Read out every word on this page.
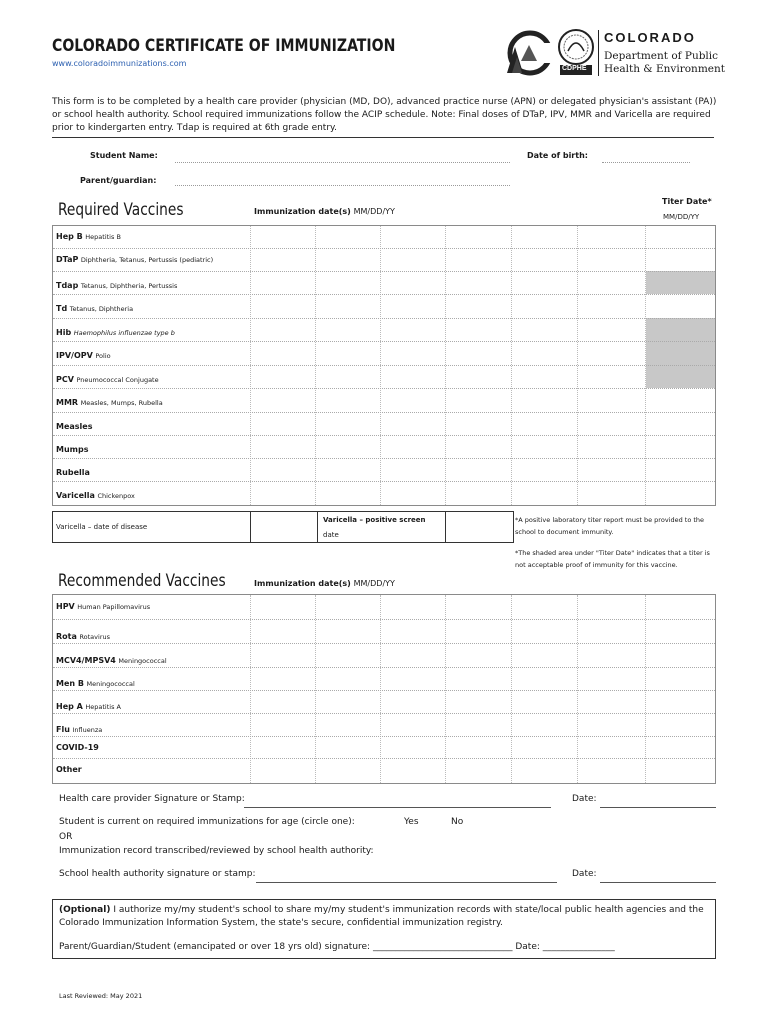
COLORADO CERTIFICATE OF IMMUNIZATION
www.coloradoimmunizations.com
CDPHE
COLORADO
Department of Public
Health & Environment
This form is to be completed by a health care provider (physician (MD, DO), advanced practice nurse (APN) or delegated physician's assistant (PA)) or school health authority. School required immunizations follow the ACIP schedule. Note: Final doses of DTaP, IPV, MMR and Varicella are required prior to kindergarten entry. Tdap is required at 6th grade entry.
Student Name:	Date of birth:
Parent/guardian:
Required Vaccines	Immunization date(s) MM/DD/YY
Titer Date*
MM/DD/YY
Hep B Hepatitis B
DTaP Diphtheria, Tetanus, Pertussis (pediatric)
Tdap Tetanus, Diphtheria, Pertussis
Td Tetanus, Diphtheria
Hib Haemophilus influenzae type b
IPV/OPV Polio
PCV Pneumococcal Conjugate
MMR Measles, Mumps, Rubella
Measles
Mumps
Rubella
Varicella Chickenpox
Varicella – date of disease
Varicella – positive screen
date
*A positive laboratory titer report must be provided to the school to document immunity.
*The shaded area under "Titer Date" indicates that a titer is not acceptable proof of immunity for this vaccine.
Recommended Vaccines	Immunization date(s) MM/DD/YY
HPV Human Papillomavirus
Rota Rotavirus
MCV4/MPSV4 Meningococcal
Men B Meningococcal
Hep A Hepatitis A
Flu Influenza
COVID-19
Other
Health care provider Signature or Stamp:	Date:
Student is current on required immunizations for age (circle one):	Yes	No
OR
Immunization record transcribed/reviewed by school health authority:
School health authority signature or stamp:	Date:
(Optional) I authorize my/my student's school to share my/my student's immunization records with state/local public health agencies and the Colorado Immunization Information System, the state's secure, confidential immunization registry.
Parent/Guardian/Student (emancipated or over 18 yrs old) signature: _______________________________ Date: ________________
Last Reviewed: May 2021
